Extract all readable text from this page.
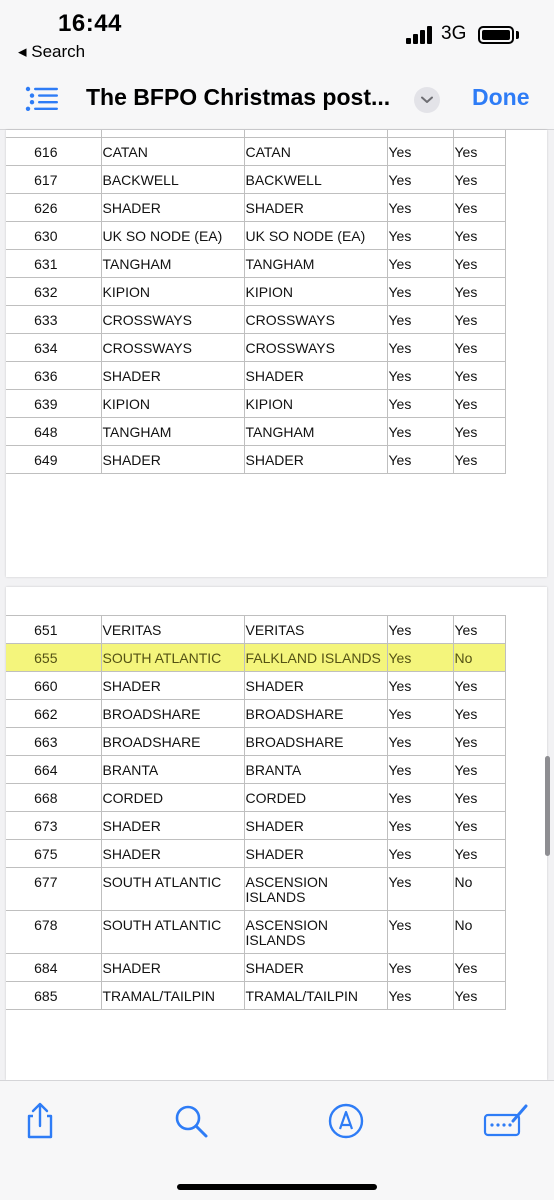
16:44
◂ Search
3G
The BFPO Christmas post...	Done

616	CATAN	CATAN	Yes	Yes
617	BACKWELL	BACKWELL	Yes	Yes
626	SHADER	SHADER	Yes	Yes
630	UK SO NODE (EA)	UK SO NODE (EA)	Yes	Yes
631	TANGHAM	TANGHAM	Yes	Yes
632	KIPION	KIPION	Yes	Yes
633	CROSSWAYS	CROSSWAYS	Yes	Yes
634	CROSSWAYS	CROSSWAYS	Yes	Yes
636	SHADER	SHADER	Yes	Yes
639	KIPION	KIPION	Yes	Yes
648	TANGHAM	TANGHAM	Yes	Yes
649	SHADER	SHADER	Yes	Yes
651	VERITAS	VERITAS	Yes	Yes
655	SOUTH ATLANTIC	FALKLAND ISLANDS	Yes	No
660	SHADER	SHADER	Yes	Yes
662	BROADSHARE	BROADSHARE	Yes	Yes
663	BROADSHARE	BROADSHARE	Yes	Yes
664	BRANTA	BRANTA	Yes	Yes
668	CORDED	CORDED	Yes	Yes
673	SHADER	SHADER	Yes	Yes
675	SHADER	SHADER	Yes	Yes
677	SOUTH ATLANTIC	ASCENSION ISLANDS	Yes	No
678	SOUTH ATLANTIC	ASCENSION ISLANDS	Yes	No
684	SHADER	SHADER	Yes	Yes
685	TRAMAL/TAILPIN	TRAMAL/TAILPIN	Yes	Yes
